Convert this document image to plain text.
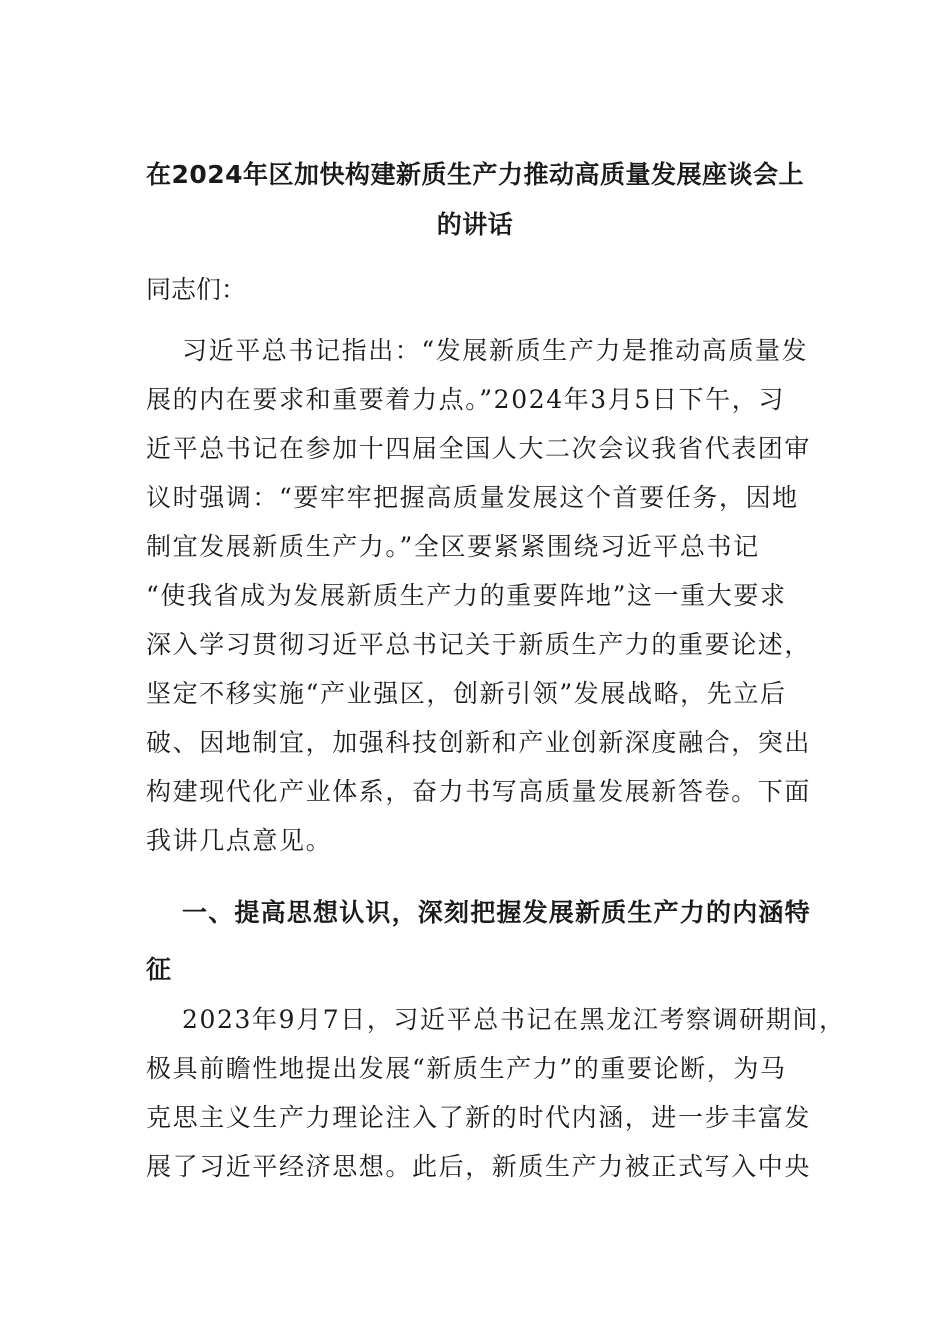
在2024年区加快构建新质生产力推动高质量发展座谈会上
的讲话

同志们：

习近平总书记指出：“发展新质生产力是推动高质量发
展的内在要求和重要着力点。”2024年3月5日下午，习
近平总书记在参加十四届全国人大二次会议我省代表团审
议时强调：“要牢牢把握高质量发展这个首要任务，因地
制宜发展新质生产力。”全区要紧紧围绕习近平总书记
“使我省成为发展新质生产力的重要阵地”这一重大要求
深入学习贯彻习近平总书记关于新质生产力的重要论述，
坚定不移实施“产业强区，创新引领”发展战略，先立后
破、因地制宜，加强科技创新和产业创新深度融合，突出
构建现代化产业体系，奋力书写高质量发展新答卷。下面
我讲几点意见。

一、提高思想认识，深刻把握发展新质生产力的内涵特
征

2023年9月7日，习近平总书记在黑龙江考察调研期间，
极具前瞻性地提出发展“新质生产力”的重要论断，为马
克思主义生产力理论注入了新的时代内涵，进一步丰富发
展了习近平经济思想。此后，新质生产力被正式写入中央
